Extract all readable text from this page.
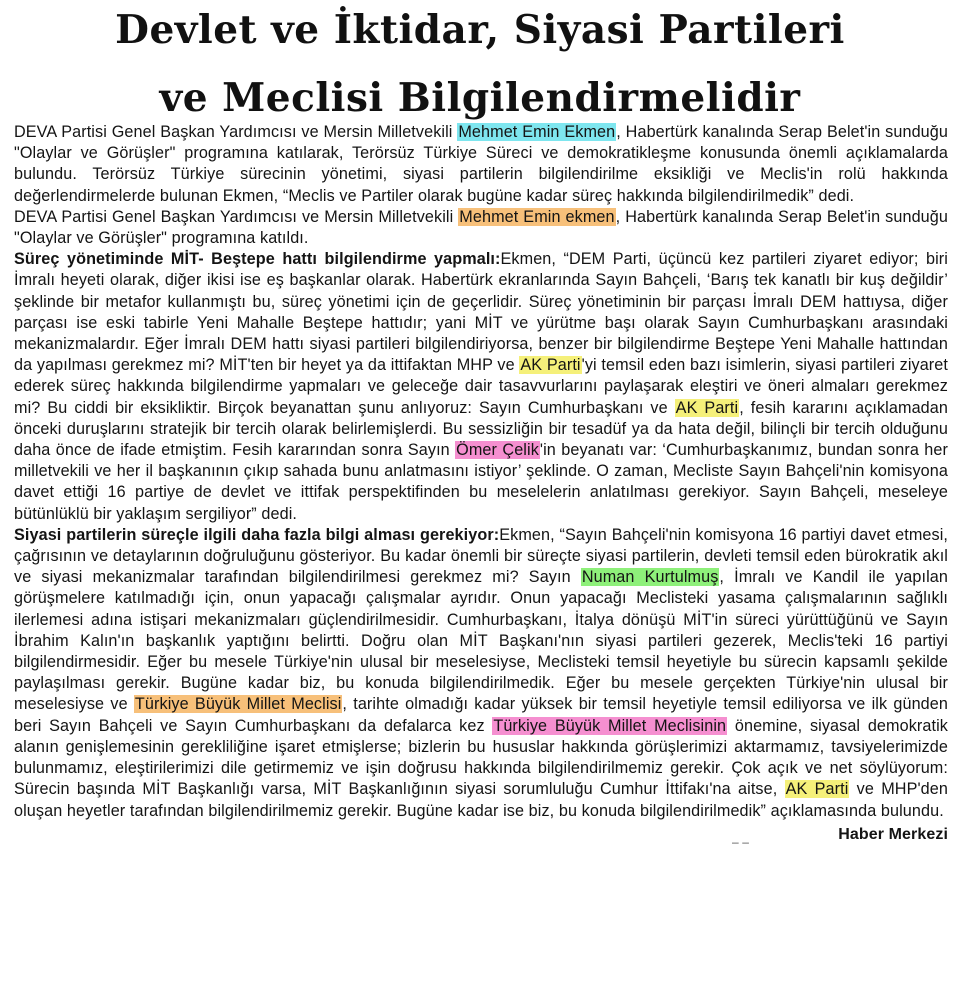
Devlet ve İktidar, Siyasi Partileri
ve Meclisi Bilgilendirmelidir

DEVA Partisi Genel Başkan Yardımcısı ve Mersin Milletvekili Mehmet Emin Ekmen, Habertürk kanalında Serap Belet'in sunduğu "Olaylar ve Görüşler" programına katılarak, Terörsüz Türkiye Süreci ve demokratikleşme konusunda önemli açıklamalarda bulundu. Terörsüz Türkiye sürecinin yönetimi, siyasi partilerin bilgilendirilme eksikliği ve Meclis'in rolü hakkında değerlendirmelerde bulunan Ekmen, “Meclis ve Partiler olarak bugüne kadar süreç hakkında bilgilendirilmedik” dedi.

DEVA Partisi Genel Başkan Yardımcısı ve Mersin Milletvekili Mehmet Emin ekmen, Habertürk kanalında Serap Belet'in sunduğu "Olaylar ve Görüşler" programına katıldı.

Süreç yönetiminde MİT- Beştepe hattı bilgilendirme yapmalı:Ekmen, “DEM Parti, üçüncü kez partileri ziyaret ediyor; biri İmralı heyeti olarak, diğer ikisi ise eş başkanlar olarak. Habertürk ekranlarında Sayın Bahçeli, ‘Barış tek kanatlı bir kuş değildir’ şeklinde bir metafor kullanmıştı bu, süreç yönetimi için de geçerlidir. Süreç yönetiminin bir parçası İmralı DEM hattıysa, diğer parçası ise eski tabirle Yeni Mahalle Beştepe hattıdır; yani MİT ve yürütme başı olarak Sayın Cumhurbaşkanı arasındaki mekanizmalardır. Eğer İmralı DEM hattı siyasi partileri bilgilendiriyorsa, benzer bir bilgilendirme Beştepe Yeni Mahalle hattından da yapılması gerekmez mi? MİT'ten bir heyet ya da ittifaktan MHP ve AK Parti'yi temsil eden bazı isimlerin, siyasi partileri ziyaret ederek süreç hakkında bilgilendirme yapmaları ve geleceğe dair tasavvurlarını paylaşarak eleştiri ve öneri almaları gerekmez mi? Bu ciddi bir eksikliktir. Birçok beyanattan şunu anlıyoruz: Sayın Cumhurbaşkanı ve AK Parti, fesih kararını açıklamadan önceki duruşlarını stratejik bir tercih olarak belirlemişlerdi. Bu sessizliğin bir tesadüf ya da hata değil, bilinçli bir tercih olduğunu daha önce de ifade etmiştim. Fesih kararından sonra Sayın Ömer Çelik'in beyanatı var: ‘Cumhurbaşkanımız, bundan sonra her milletvekili ve her il başkanının çıkıp sahada bunu anlatmasını istiyor’ şeklinde. O zaman, Mecliste Sayın Bahçeli'nin komisyona davet ettiği 16 partiye de devlet ve ittifak perspektifinden bu meselelerin anlatılması gerekiyor. Sayın Bahçeli, meseleye bütünlüklü bir yaklaşım sergiliyor” dedi.

Siyasi partilerin süreçle ilgili daha fazla bilgi alması gerekiyor:Ekmen, “Sayın Bahçeli'nin komisyona 16 partiyi davet etmesi, çağrısının ve detaylarının doğruluğunu gösteriyor. Bu kadar önemli bir süreçte siyasi partilerin, devleti temsil eden bürokratik akıl ve siyasi mekanizmalar tarafından bilgilendirilmesi gerekmez mi? Sayın Numan Kurtulmuş, İmralı ve Kandil ile yapılan görüşmelere katılmadığı için, onun yapacağı çalışmalar ayrıdır. Onun yapacağı Meclisteki yasama çalışmalarının sağlıklı ilerlemesi adına istişari mekanizmaları güçlendirilmesidir. Cumhurbaşkanı, İtalya dönüşü MİT'in süreci yürüttüğünü ve Sayın İbrahim Kalın'ın başkanlık yaptığını belirtti. Doğru olan MİT Başkanı'nın siyasi partileri gezerek, Meclis'teki 16 partiyi bilgilendirmesidir. Eğer bu mesele Türkiye'nin ulusal bir meselesiyse, Meclisteki temsil heyetiyle bu sürecin kapsamlı şekilde paylaşılması gerekir. Bugüne kadar biz, bu konuda bilgilendirilmedik. Eğer bu mesele gerçekten Türkiye'nin ulusal bir meselesiyse ve Türkiye Büyük Millet Meclisi, tarihte olmadığı kadar yüksek bir temsil heyetiyle temsil ediliyorsa ve ilk günden beri Sayın Bahçeli ve Sayın Cumhurbaşkanı da defalarca kez Türkiye Büyük Millet Meclisinin önemine, siyasal demokratik alanın genişlemesinin gerekliliğine işaret etmişlerse; bizlerin bu hususlar hakkında görüşlerimizi aktarmamız, tavsiyelerimizde bulunmamız, eleştirilerimizi dile getirmemiz ve işin doğrusu hakkında bilgilendirilmemiz gerekir. Çok açık ve net söylüyorum: Sürecin başında MİT Başkanlığı varsa, MİT Başkanlığının siyasi sorumluluğu Cumhur İttifakı'na aitse, AK Parti ve MHP'den oluşan heyetler tarafından bilgilendirilmemiz gerekir. Bugüne kadar ise biz, bu konuda bilgilendirilmedik” açıklamasında bulundu.

– –	Haber Merkezi
